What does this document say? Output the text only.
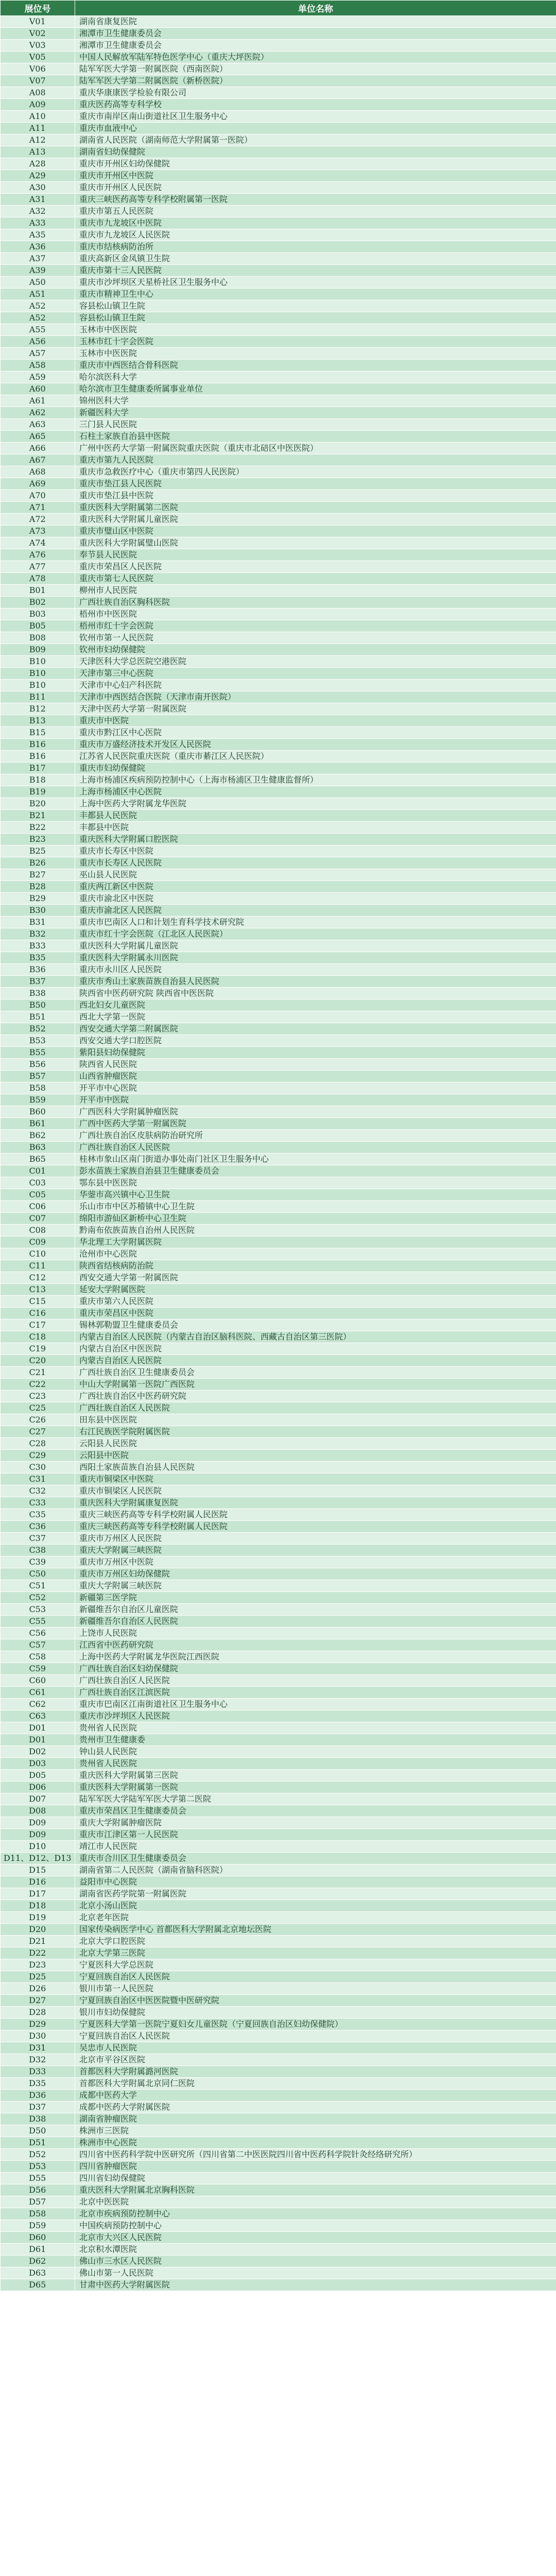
展位号	单位名称
V01	湖南省康复医院
V02	湘潭市卫生健康委员会
V03	湘潭市卫生健康委员会
V05	中国人民解放军陆军特色医学中心（重庆大坪医院）
V06	陆军军医大学第一附属医院（西南医院）
V07	陆军军医大学第二附属医院（新桥医院）
A08	重庆华康康医学检验有限公司
A09	重庆医药高等专科学校
A10	重庆市南岸区南山街道社区卫生服务中心
A11	重庆市血液中心
A12	湖南省人民医院（湖南师范大学附属第一医院）
A13	湖南省妇幼保健院
A28	重庆市开州区妇幼保健院
A29	重庆市开州区中医院
A30	重庆市开州区人民医院
A31	重庆三峡医药高等专科学校附属第一医院
A32	重庆市第五人民医院
A33	重庆市九龙坡区中医院
A35	重庆市九龙坡区人民医院
A36	重庆市结核病防治所
A37	重庆高新区金凤镇卫生院
A39	重庆市第十三人民医院
A50	重庆市沙坪坝区天星桥社区卫生服务中心
A51	重庆市精神卫生中心
A52	容县松山镇卫生院
A52	容县松山镇卫生院
A55	玉林市中医医院
A56	玉林市红十字会医院
A57	玉林市中医医院
A58	重庆市中西医结合骨科医院
A59	哈尔滨医科大学
A60	哈尔滨市卫生健康委所属事业单位
A61	锦州医科大学
A62	新疆医科大学
A63	三门县人民医院
A65	石柱土家族自治县中医院
A66	广州中医药大学第一附属医院重庆医院（重庆市北碚区中医医院）
A67	重庆市第九人民医院
A68	重庆市急救医疗中心（重庆市第四人民医院）
A69	重庆市垫江县人民医院
A70	重庆市垫江县中医院
A71	重庆医科大学附属第二医院
A72	重庆医科大学附属儿童医院
A73	重庆市璧山区中医院
A74	重庆医科大学附属璧山医院
A76	奉节县人民医院
A77	重庆市荣昌区人民医院
A78	重庆市第七人民医院
B01	柳州市人民医院
B02	广西壮族自治区胸科医院
B03	梧州市中医医院
B05	梧州市红十字会医院
B08	钦州市第一人民医院
B09	钦州市妇幼保健院
B10	天津医科大学总医院空港医院
B10	天津市第三中心医院
B10	天津市中心妇产科医院
B11	天津市中西医结合医院（天津市南开医院）
B12	天津中医药大学第一附属医院
B13	重庆市中医院
B15	重庆市黔江区中心医院
B16	重庆市万盛经济技术开发区人民医院
B16	江苏省人民医院重庆医院（重庆市綦江区人民医院）
B17	重庆市妇幼保健院
B18	上海市杨浦区疾病预防控制中心（上海市杨浦区卫生健康监督所）
B19	上海市杨浦区中心医院
B20	上海中医药大学附属龙华医院
B21	丰都县人民医院
B22	丰都县中医院
B23	重庆医科大学附属口腔医院
B25	重庆市长寿区中医院
B26	重庆市长寿区人民医院
B27	巫山县人民医院
B28	重庆两江新区中医院
B29	重庆市渝北区中医院
B30	重庆市渝北区人民医院
B31	重庆市巴南区人口和计划生育科学技术研究院
B32	重庆市红十字会医院（江北区人民医院）
B33	重庆医科大学附属儿童医院
B35	重庆医科大学附属永川医院
B36	重庆市永川区人民医院
B37	重庆市秀山土家族苗族自治县人民医院
B38	陕西省中医药研究院 陕西省中医医院
B50	西北妇女儿童医院
B51	西北大学第一医院
B52	西安交通大学第二附属医院
B53	西安交通大学口腔医院
B55	紫阳县妇幼保健院
B56	陕西省人民医院
B57	山西省肿瘤医院
B58	开平市中心医院
B59	开平市中医院
B60	广西医科大学附属肿瘤医院
B61	广西中医药大学第一附属医院
B62	广西壮族自治区皮肤病防治研究所
B63	广西壮族自治区人民医院
B65	桂林市象山区南门街道办事处南门社区卫生服务中心
C01	彭水苗族土家族自治县卫生健康委员会
C03	鄂东县中医医院
C05	华蓥市高兴镇中心卫生院
C06	乐山市市中区苏稽镇中心卫生院
C07	绵阳市游仙区新桥中心卫生院
C08	黔南布依族苗族自治州人民医院
C09	华北理工大学附属医院
C10	沧州市中心医院
C11	陕西省结核病防治院
C12	西安交通大学第一附属医院
C13	延安大学附属医院
C15	重庆市第六人民医院
C16	重庆市荣昌区中医院
C17	锡林郭勒盟卫生健康委员会
C18	内蒙古自治区人民医院（内蒙古自治区脑科医院、西藏古自治区第三医院）
C19	内蒙古自治区中医医院
C20	内蒙古自治区人民医院
C21	广西壮族自治区卫生健康委员会
C22	中山大学附属第一医院广西医院
C23	广西壮族自治区中医药研究院
C25	广西壮族自治区人民医院
C26	田东县中医医院
C27	右江民族医学院附属医院
C28	云阳县人民医院
C29	云阳县中医院
C30	西阳土家族苗族自治县人民医院
C31	重庆市铜梁区中医院
C32	重庆市铜梁区人民医院
C33	重庆医科大学附属康复医院
C35	重庆三峡医药高等专科学校附属人民医院
C36	重庆三峡医药高等专科学校附属人民医院
C37	重庆市万州区人民医院
C38	重庆大学附属三峡医院
C39	重庆市万州区中医院
C50	重庆市万州区妇幼保健院
C51	重庆大学附属三峡医院
C52	新疆第三医学院
C53	新疆维吾尔自治区儿童医院
C55	新疆维吾尔自治区人民医院
C56	上饶市人民医院
C57	江西省中医药研究院
C58	上海中医药大学附属龙华医院江西医院
C59	广西壮族自治区妇幼保健院
C60	广西壮族自治区人民医院
C61	广西壮族自治区江滨医院
C62	重庆市巴南区江南街道社区卫生服务中心
C63	重庆市沙坪坝区人民医院
D01	贵州省人民医院
D01	贵州市卫生健康委
D02	钟山县人民医院
D03	贵州省人民医院
D05	重庆医科大学附属第三医院
D06	重庆医科大学附属第一医院
D07	陆军军医大学陆军军医大学第二医院
D08	重庆市荣昌区卫生健康委员会
D09	重庆大学附属肿瘤医院
D09	重庆市江津区第一人民医院
D10	靖江市人民医院
D11、D12、D13	重庆市合川区卫生健康委员会
D15	湖南省第二人民医院（湖南省脑科医院）
D16	益阳市中心医院
D17	湖南省医药学院第一附属医院
D18	北京小汤山医院
D19	北京老年医院
D20	国家传染病医学中心 首都医科大学附属北京地坛医院
D21	北京大学口腔医院
D22	北京大学第三医院
D23	宁夏医科大学总医院
D25	宁夏回族自治区人民医院
D26	银川市第一人民医院
D27	宁夏回族自治区中医医院暨中医研究院
D28	银川市妇幼保健院
D29	宁夏医科大学第一医院宁夏妇女儿童医院（宁夏回族自治区妇幼保健院）
D30	宁夏回族自治区人民医院
D31	吴忠市人民医院
D32	北京市平谷区医院
D33	首都医科大学附属潞河医院
D35	首都医科大学附属北京同仁医院
D36	成都中医药大学
D37	成都中医药大学附属医院
D38	湖南省肿瘤医院
D50	株洲市三医院
D51	株洲市中心医院
D52	四川省中医药科学院中医研究所（四川省第二中医医院四川省中医药科学院针灸经络研究所）
D53	四川省肿瘤医院
D55	四川省妇幼保健院
D56	重庆医科大学附属北京胸科医院
D57	北京中医医院
D58	北京市疾病预防控制中心
D59	中国疾病预防控制中心
D60	北京市大兴区人民医院
D61	北京积水潭医院
D62	佛山市三水区人民医院
D63	佛山市第一人民医院
D65	甘肃中医药大学附属医院
